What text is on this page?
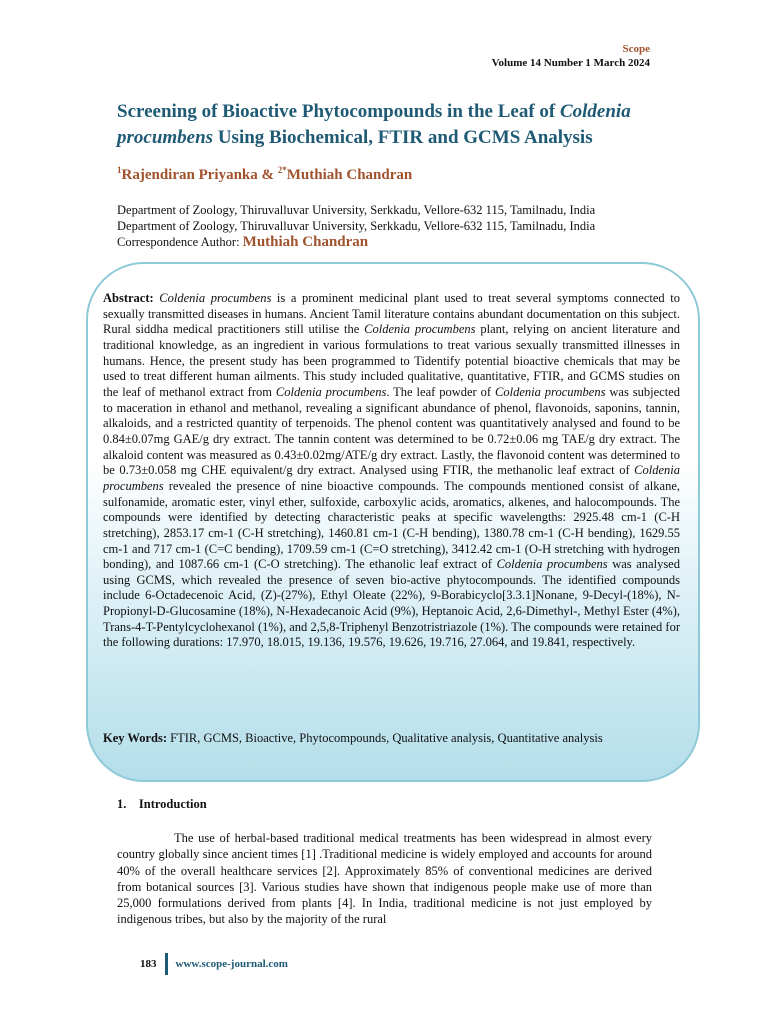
Scope
Volume 14 Number 1 March 2024
Screening of Bioactive Phytocompounds in the Leaf of Coldenia procumbens Using Biochemical, FTIR and GCMS Analysis
$^1$Rajendiran Priyanka & $^{2*}$Muthiah Chandran
Department of Zoology, Thiruvalluvar University, Serkkadu, Vellore-632 115, Tamilnadu, India
Department of Zoology, Thiruvalluvar University, Serkkadu, Vellore-632 115, Tamilnadu, India
Correspondence Author: Muthiah Chandran
Abstract: Coldenia procumbens is a prominent medicinal plant used to treat several symptoms connected to sexually transmitted diseases in humans. Ancient Tamil literature contains abundant documentation on this subject. Rural siddha medical practitioners still utilise the Coldenia procumbens plant, relying on ancient literature and traditional knowledge, as an ingredient in various formulations to treat various sexually transmitted illnesses in humans. Hence, the present study has been programmed to Tidentify potential bioactive chemicals that may be used to treat different human ailments. This study included qualitative, quantitative, FTIR, and GCMS studies on the leaf of methanol extract from Coldenia procumbens. The leaf powder of Coldenia procumbens was subjected to maceration in ethanol and methanol, revealing a significant abundance of phenol, flavonoids, saponins, tannin, alkaloids, and a restricted quantity of terpenoids. The phenol content was quantitatively analysed and found to be 0.84±0.07mg GAE/g dry extract. The tannin content was determined to be 0.72±0.06 mg TAE/g dry extract. The alkaloid content was measured as 0.43±0.02mg/ATE/g dry extract. Lastly, the flavonoid content was determined to be 0.73±0.058 mg CHE equivalent/g dry extract. Analysed using FTIR, the methanolic leaf extract of Coldenia procumbens revealed the presence of nine bioactive compounds. The compounds mentioned consist of alkane, sulfonamide, aromatic ester, vinyl ether, sulfoxide, carboxylic acids, aromatics, alkenes, and halocompounds. The compounds were identified by detecting characteristic peaks at specific wavelengths: 2925.48 cm-1 (C-H stretching), 2853.17 cm-1 (C-H stretching), 1460.81 cm-1 (C-H bending), 1380.78 cm-1 (C-H bending), 1629.55 cm-1 and 717 cm-1 (C=C bending), 1709.59 cm-1 (C=O stretching), 3412.42 cm-1 (O-H stretching with hydrogen bonding), and 1087.66 cm-1 (C-O stretching). The ethanolic leaf extract of Coldenia procumbens was analysed using GCMS, which revealed the presence of seven bio-active phytocompounds. The identified compounds include 6-Octadecenoic Acid, (Z)-(27%), Ethyl Oleate (22%), 9-Borabicyclo[3.3.1]Nonane, 9-Decyl-(18%), N-Propionyl-D-Glucosamine (18%), N-Hexadecanoic Acid (9%), Heptanoic Acid, 2,6-Dimethyl-, Methyl Ester (4%), Trans-4-T-Pentylcyclohexanol (1%), and 2,5,8-Triphenyl Benzotristriazole (1%). The compounds were retained for the following durations: 17.970, 18.015, 19.136, 19.576, 19.626, 19.716, 27.064, and 19.841, respectively.
Key Words: FTIR, GCMS, Bioactive, Phytocompounds, Qualitative analysis, Quantitative analysis
1.    Introduction
The use of herbal-based traditional medical treatments has been widespread in almost every country globally since ancient times [1] .Traditional medicine is widely employed and accounts for around 40% of the overall healthcare services [2]. Approximately 85% of conventional medicines are derived from botanical sources [3]. Various studies have shown that indigenous people make use of more than 25,000 formulations derived from plants [4]. In India, traditional medicine is not just employed by indigenous tribes, but also by the majority of the rural
183 www.scope-journal.com
